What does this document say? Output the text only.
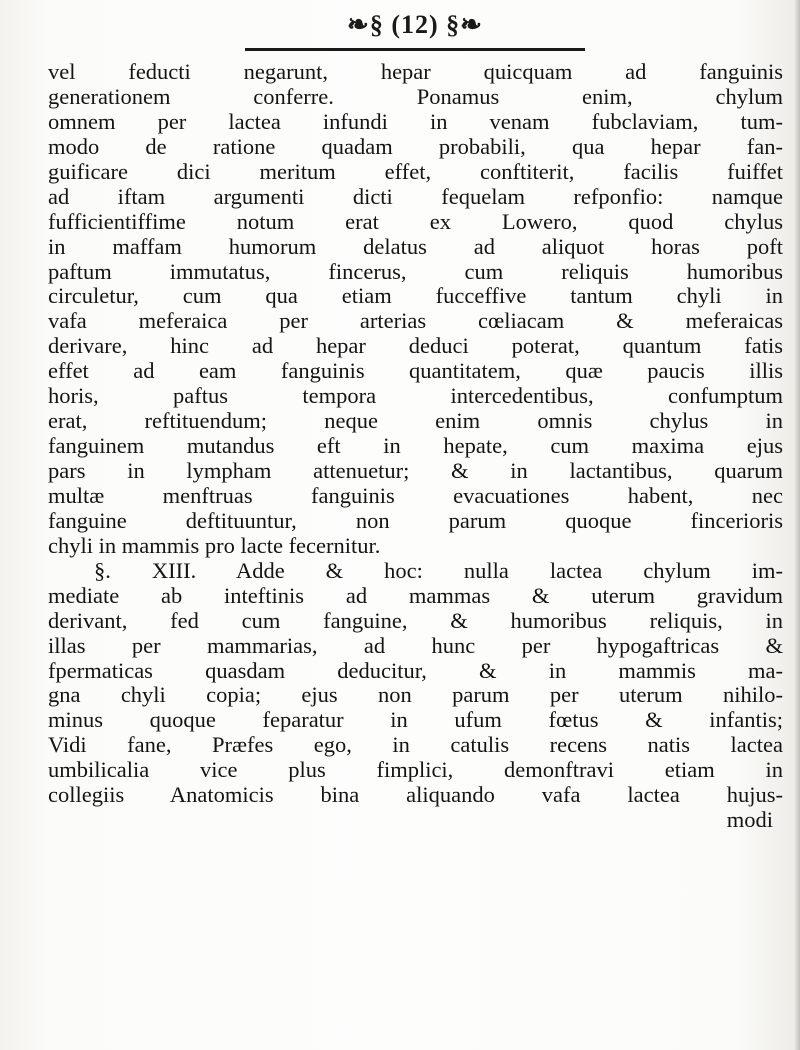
❧§ (12) §❧
vel feducti negarunt, hepar quicquam ad fanguinis
generationem conferre. Ponamus enim, chylum
omnem per lactea infundi in venam fubclaviam, tum-
modo de ratione quadam probabili, qua hepar fan-
guificare dici meritum effet, conftiterit, facilis fuiffet
ad iftam argumenti dicti fequelam refponfio: namque
fufficientiffime notum erat ex Lowero, quod chylus
in maffam humorum delatus ad aliquot horas poft
paftum immutatus, fincerus, cum reliquis humoribus
circuletur, cum qua etiam fucceffive tantum chyli in
vafa meferaica per arterias cœliacam & meferaicas
derivare, hinc ad hepar deduci poterat, quantum fatis
effet ad eam fanguinis quantitatem, quæ paucis illis
horis, paftus tempora intercedentibus, confumptum
erat, reftituendum; neque enim omnis chylus in
fanguinem mutandus eft in hepate, cum maxima ejus
pars in lympham attenuetur; & in lactantibus, quarum
multæ menftruas fanguinis evacuationes habent, nec
fanguine deftituuntur, non parum quoque fincerioris
chyli in mammis pro lacte fecernitur.
§. XIII. Adde & hoc: nulla lactea chylum im-
mediate ab inteftinis ad mammas & uterum gravidum
derivant, fed cum fanguine, & humoribus reliquis, in
illas per mammarias, ad hunc per hypogaftricas &
fpermaticas quasdam deducitur, & in mammis ma-
gna chyli copia; ejus non parum per uterum nihilo-
minus quoque feparatur in ufum fœtus & infantis;
Vidi fane, Præfes ego, in catulis recens natis lactea
umbilicalia vice plus fimplici, demonftravi etiam in
collegiis Anatomicis bina aliquando vafa lactea hujus-
modi
